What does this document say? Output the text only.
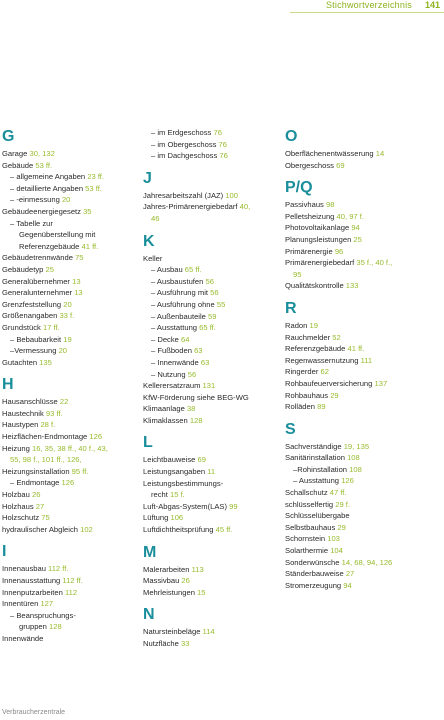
Stichwortverzeichnis 141
G
Garage 30, 132
Gebäude 53 ff.
– allgemeine Angaben 23 ff.
– detaillierte Angaben 53 ff.
– -einmessung 20
Gebäudeenergiegesetz 35
– Tabelle zur
Gegenüberstellung mit
Referenzgebäude 41 ff.
Gebäudetrennwände 75
Gebäudetyp 25
Generalübernehmer 13
Generalunternehmer 13
Grenzfeststellung 20
Größenangaben 33 f.
Grundstück 17 ff.
– Bebaubarkeit 19
–Vermessung 20
Gutachten 135
H
Hausanschlüsse 22
Haustechnik 93 ff.
Haustypen 28 f.
Heizflächen-Endmontage 126
Heizung 16, 35, 38 ff., 40 f., 43,
55, 98 f., 101 ff., 126,
Heizungsinstallation 95 ff.
– Endmontage 126
Holzbau 26
Holzhaus 27
Holzschutz 75
hydraulischer Abgleich 102
I
Innenausbau 112 ff.
Innenausstattung 112 ff.
Innenputzarbeiten 112
Innentüren 127
– Beanspruchungs-
gruppen 128
Innenwände
– im Erdgeschoss 76
– im Obergeschoss 76
– im Dachgeschoss 76
J
Jahresarbeitszahl (JAZ) 100
Jahres-Primärenergiebedarf 40,
46
K
Keller
– Ausbau 65 ff.
– Ausbaustufen 56
– Ausführung mit 56
– Ausführung ohne 55
– Außenbauteile 59
– Ausstattung 65 ff.
– Decke 64
– Fußboden 63
– Innenwände 63
– Nutzung 56
Kellerersatzraum 131
KfW-Förderung siehe BEG-WG
Klimaanlage 38
Klimaklassen 128
L
Leichtbauweise 69
Leistungsangaben 11
Leistungsbestimmungs-
recht 15 f.
Luft-Abgas-System(LAS) 99
Lüftung 106
Luftdichtheitsprüfung 45 ff.
M
Malerarbeiten 113
Massivbau 26
Mehrleistungen 15
N
Natursteinbeläge 114
Nutzfläche 33
O
Oberflächenentwässerung 14
Obergeschoss 69
P/Q
Passivhaus 98
Pelletsheizung 40, 97 f.
Photovoltaikanlage 94
Planungsleistungen 25
Primärenergie 96
Primärenergiebedarf 35 f., 40 f.,
95
Qualitätskontrolle 133
R
Radon 19
Rauchmelder 52
Referenzgebäude 41 ff.
Regenwassernutzung 111
Ringerder 62
Rohbaufeuerversicherung 137
Rohbauhaus 29
Rolläden 89
S
Sachverständige 19, 135
Sanitärinstallation 108
–Rohinstallation 108
– Ausstattung 126
Schallschutz 47 ff.
schlüsselfertig 29 f.
Schlüsselübergabe
Selbstbauhaus 29
Schornstein 103
Solarthermie 104
Sonderwünsche 14, 68, 94, 126
Ständerbauweise 27
Stromerzeugung 94
Verbraucherzentrale
